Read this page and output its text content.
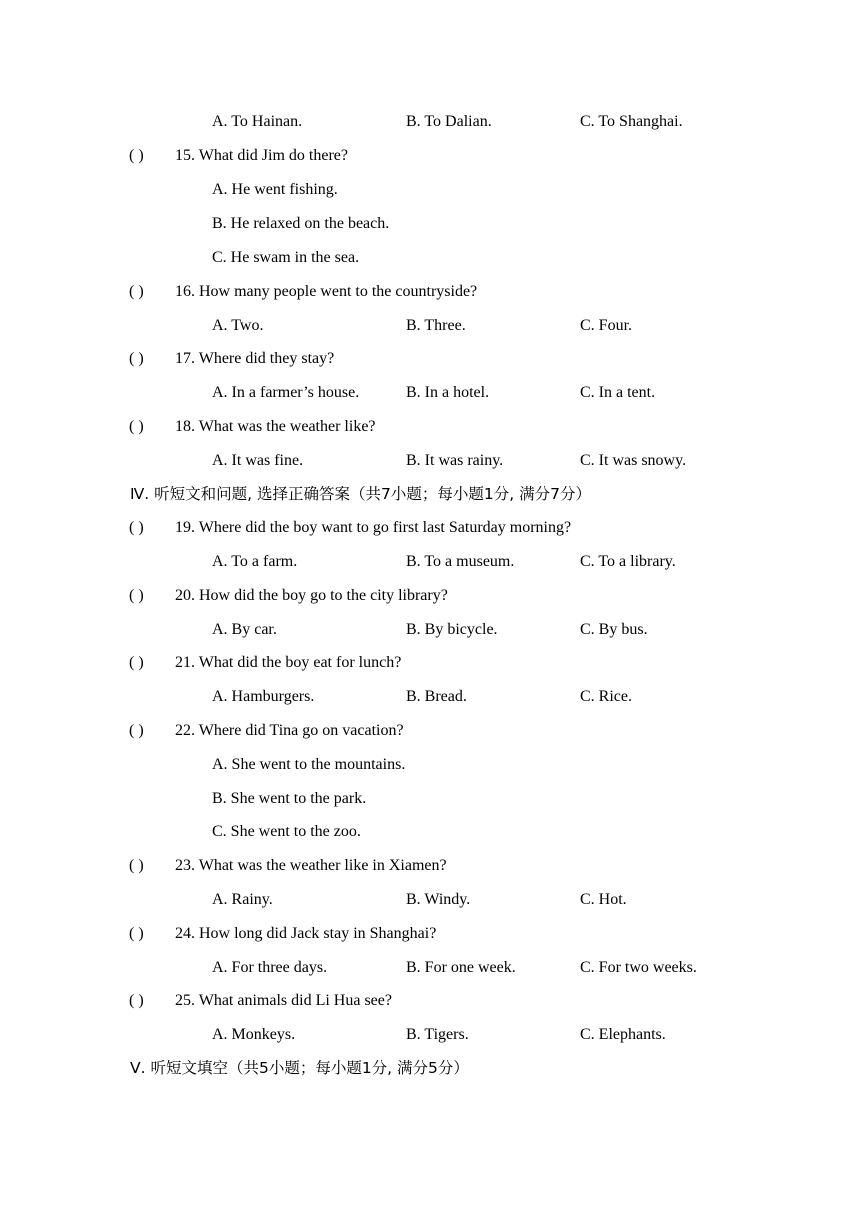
A. To Hainan.	B. To Dalian.	C. To Shanghai.
( ) 15. What did Jim do there?
A. He went fishing.
B. He relaxed on the beach.
C. He swam in the sea.
( ) 16. How many people went to the countryside?
A. Two.	B. Three.	C. Four.
( ) 17. Where did they stay?
A. In a farmer’s house.	B. In a hotel.	C. In a tent.
( ) 18. What was the weather like?
A. It was fine.	B. It was rainy.	C. It was snowy.
Ⅳ. 听短文和问题, 选择正确答案（共7小题；每小题1分, 满分7分）
( ) 19. Where did the boy want to go first last Saturday morning?
A. To a farm.	B. To a museum.	C. To a library.
( ) 20. How did the boy go to the city library?
A. By car.	B. By bicycle.	C. By bus.
( ) 21. What did the boy eat for lunch?
A. Hamburgers.	B. Bread.	C. Rice.
( ) 22. Where did Tina go on vacation?
A. She went to the mountains.
B. She went to the park.
C. She went to the zoo.
( ) 23. What was the weather like in Xiamen?
A. Rainy.	B. Windy.	C. Hot.
( ) 24. How long did Jack stay in Shanghai?
A. For three days.	B. For one week.	C. For two weeks.
( ) 25. What animals did Li Hua see?
A. Monkeys.	B. Tigers.	C. Elephants.
Ⅴ. 听短文填空（共5小题；每小题1分, 满分5分）
